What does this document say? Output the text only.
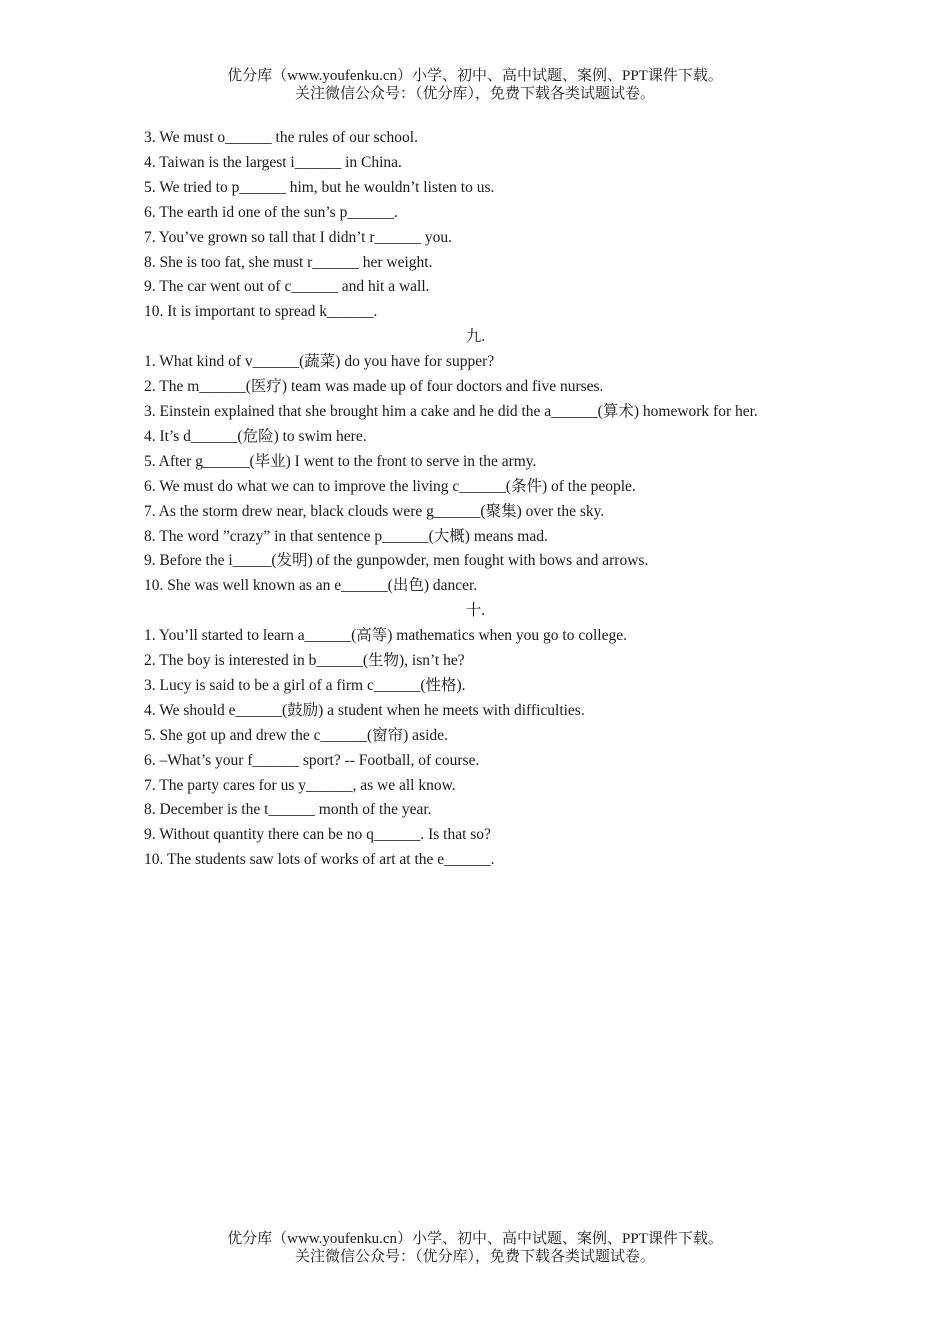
优分库（www.youfenku.cn）小学、初中、高中试题、案例、PPT课件下载。
关注微信公众号：（优分库），免费下载各类试题试卷。

3. We must o______ the rules of our school.

4. Taiwan is the largest i______ in China.

5. We tried to p______ him, but he wouldn’t listen to us.

6. The earth id one of the sun’s p______.

7. You’ve grown so tall that I didn’t r______ you.

8. She is too fat, she must r______ her weight.

9. The car went out of c______ and hit a wall.

10. It is important to spread k______.

九.

1. What kind of v______(蔬菜) do you have for supper?

2. The m______(医疗) team was made up of four doctors and five nurses.

3. Einstein explained that she brought him a cake and he did the a______(算术) homework for her.

4. It’s d______(危险) to swim here.

5. After g______(毕业) I went to the front to serve in the army.

6. We must do what we can to improve the living c______(条件) of the people.

7. As the storm drew near, black clouds were g______(聚集) over the sky.

8. The word ”crazy” in that sentence p______(大概) means mad.

9. Before the i_____(发明) of the gunpowder, men fought with bows and arrows.

10. She was well known as an e______(出色) dancer.

十.

1. You’ll started to learn a______(高等) mathematics when you go to college.

2. The boy is interested in b______(生物), isn’t he?

3. Lucy is said to be a girl of a firm c______(性格).

4. We should e______(鼓励) a student when he meets with difficulties.

5. She got up and drew the c______(窗帘) aside.

6. –What’s your f______ sport? -- Football, of course.

7. The party cares for us y______, as we all know.

8. December is the t______ month of the year.

9. Without quantity there can be no q______. Is that so?

10. The students saw lots of works of art at the e______.

优分库（www.youfenku.cn）小学、初中、高中试题、案例、PPT课件下载。
关注微信公众号：（优分库），免费下载各类试题试卷。
